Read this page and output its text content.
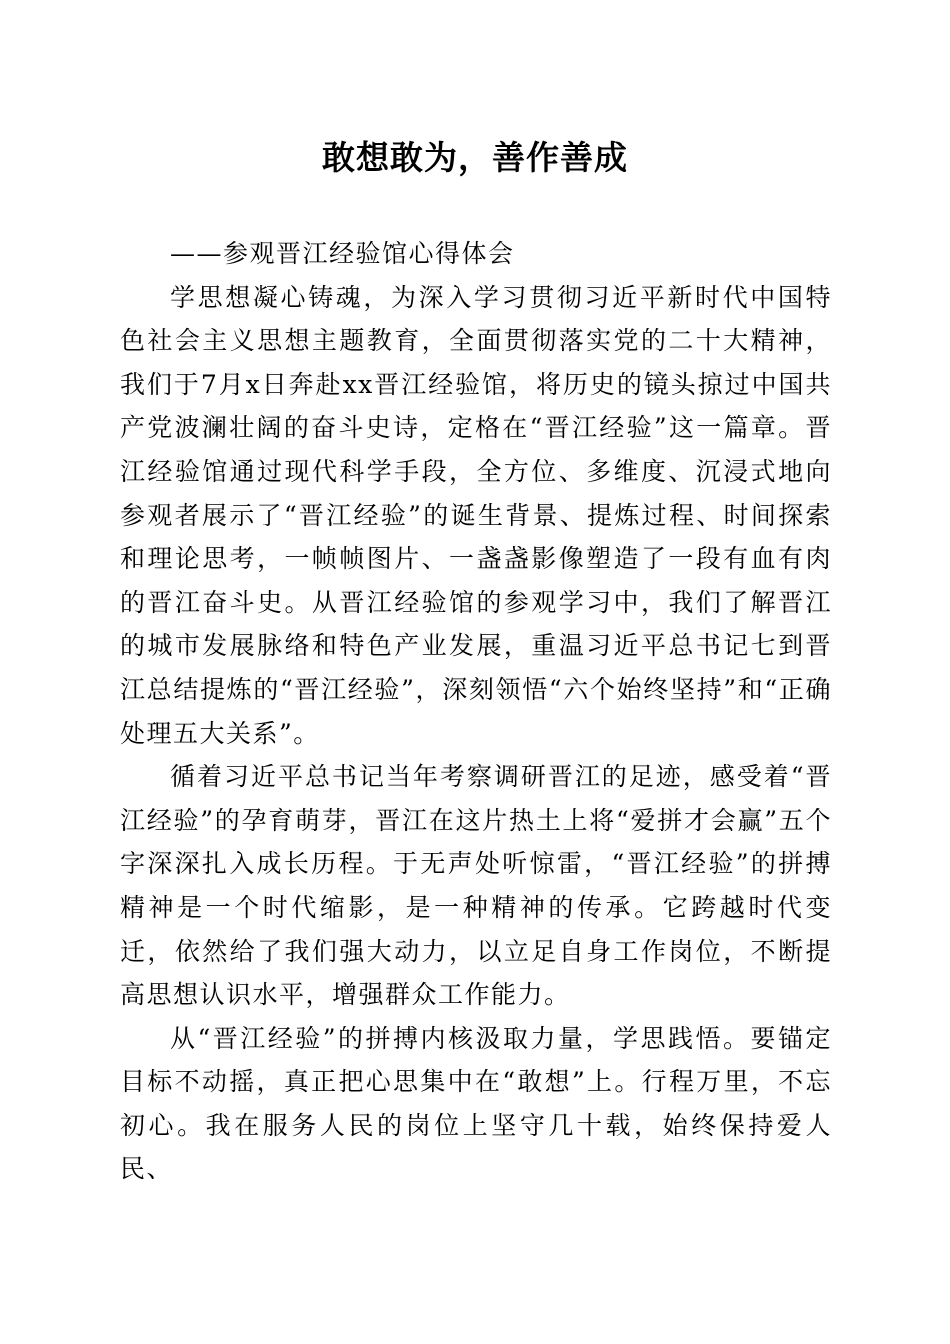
敢想敢为，善作善成

——参观晋江经验馆心得体会

学思想凝心铸魂，为深入学习贯彻习近平新时代中国特色社会主义思想主题教育，全面贯彻落实党的二十大精神，我们于7月x日奔赴xx晋江经验馆，将历史的镜头掠过中国共产党波澜壮阔的奋斗史诗，定格在“晋江经验”这一篇章。晋江经验馆通过现代科学手段，全方位、多维度、沉浸式地向参观者展示了“晋江经验”的诞生背景、提炼过程、时间探索和理论思考，一帧帧图片、一盏盏影像塑造了一段有血有肉的晋江奋斗史。从晋江经验馆的参观学习中，我们了解晋江的城市发展脉络和特色产业发展，重温习近平总书记七到晋江总结提炼的“晋江经验”，深刻领悟“六个始终坚持”和“正确处理五大关系”。

循着习近平总书记当年考察调研晋江的足迹，感受着“晋江经验”的孕育萌芽，晋江在这片热土上将“爱拼才会赢”五个字深深扎入成长历程。于无声处听惊雷，“晋江经验”的拼搏精神是一个时代缩影，是一种精神的传承。它跨越时代变迁，依然给了我们强大动力，以立足自身工作岗位，不断提高思想认识水平，增强群众工作能力。

从“晋江经验”的拼搏内核汲取力量，学思践悟。要锚定目标不动摇，真正把心思集中在“敢想”上。行程万里，不忘初心。我在服务人民的岗位上坚守几十载，始终保持爱人民、
